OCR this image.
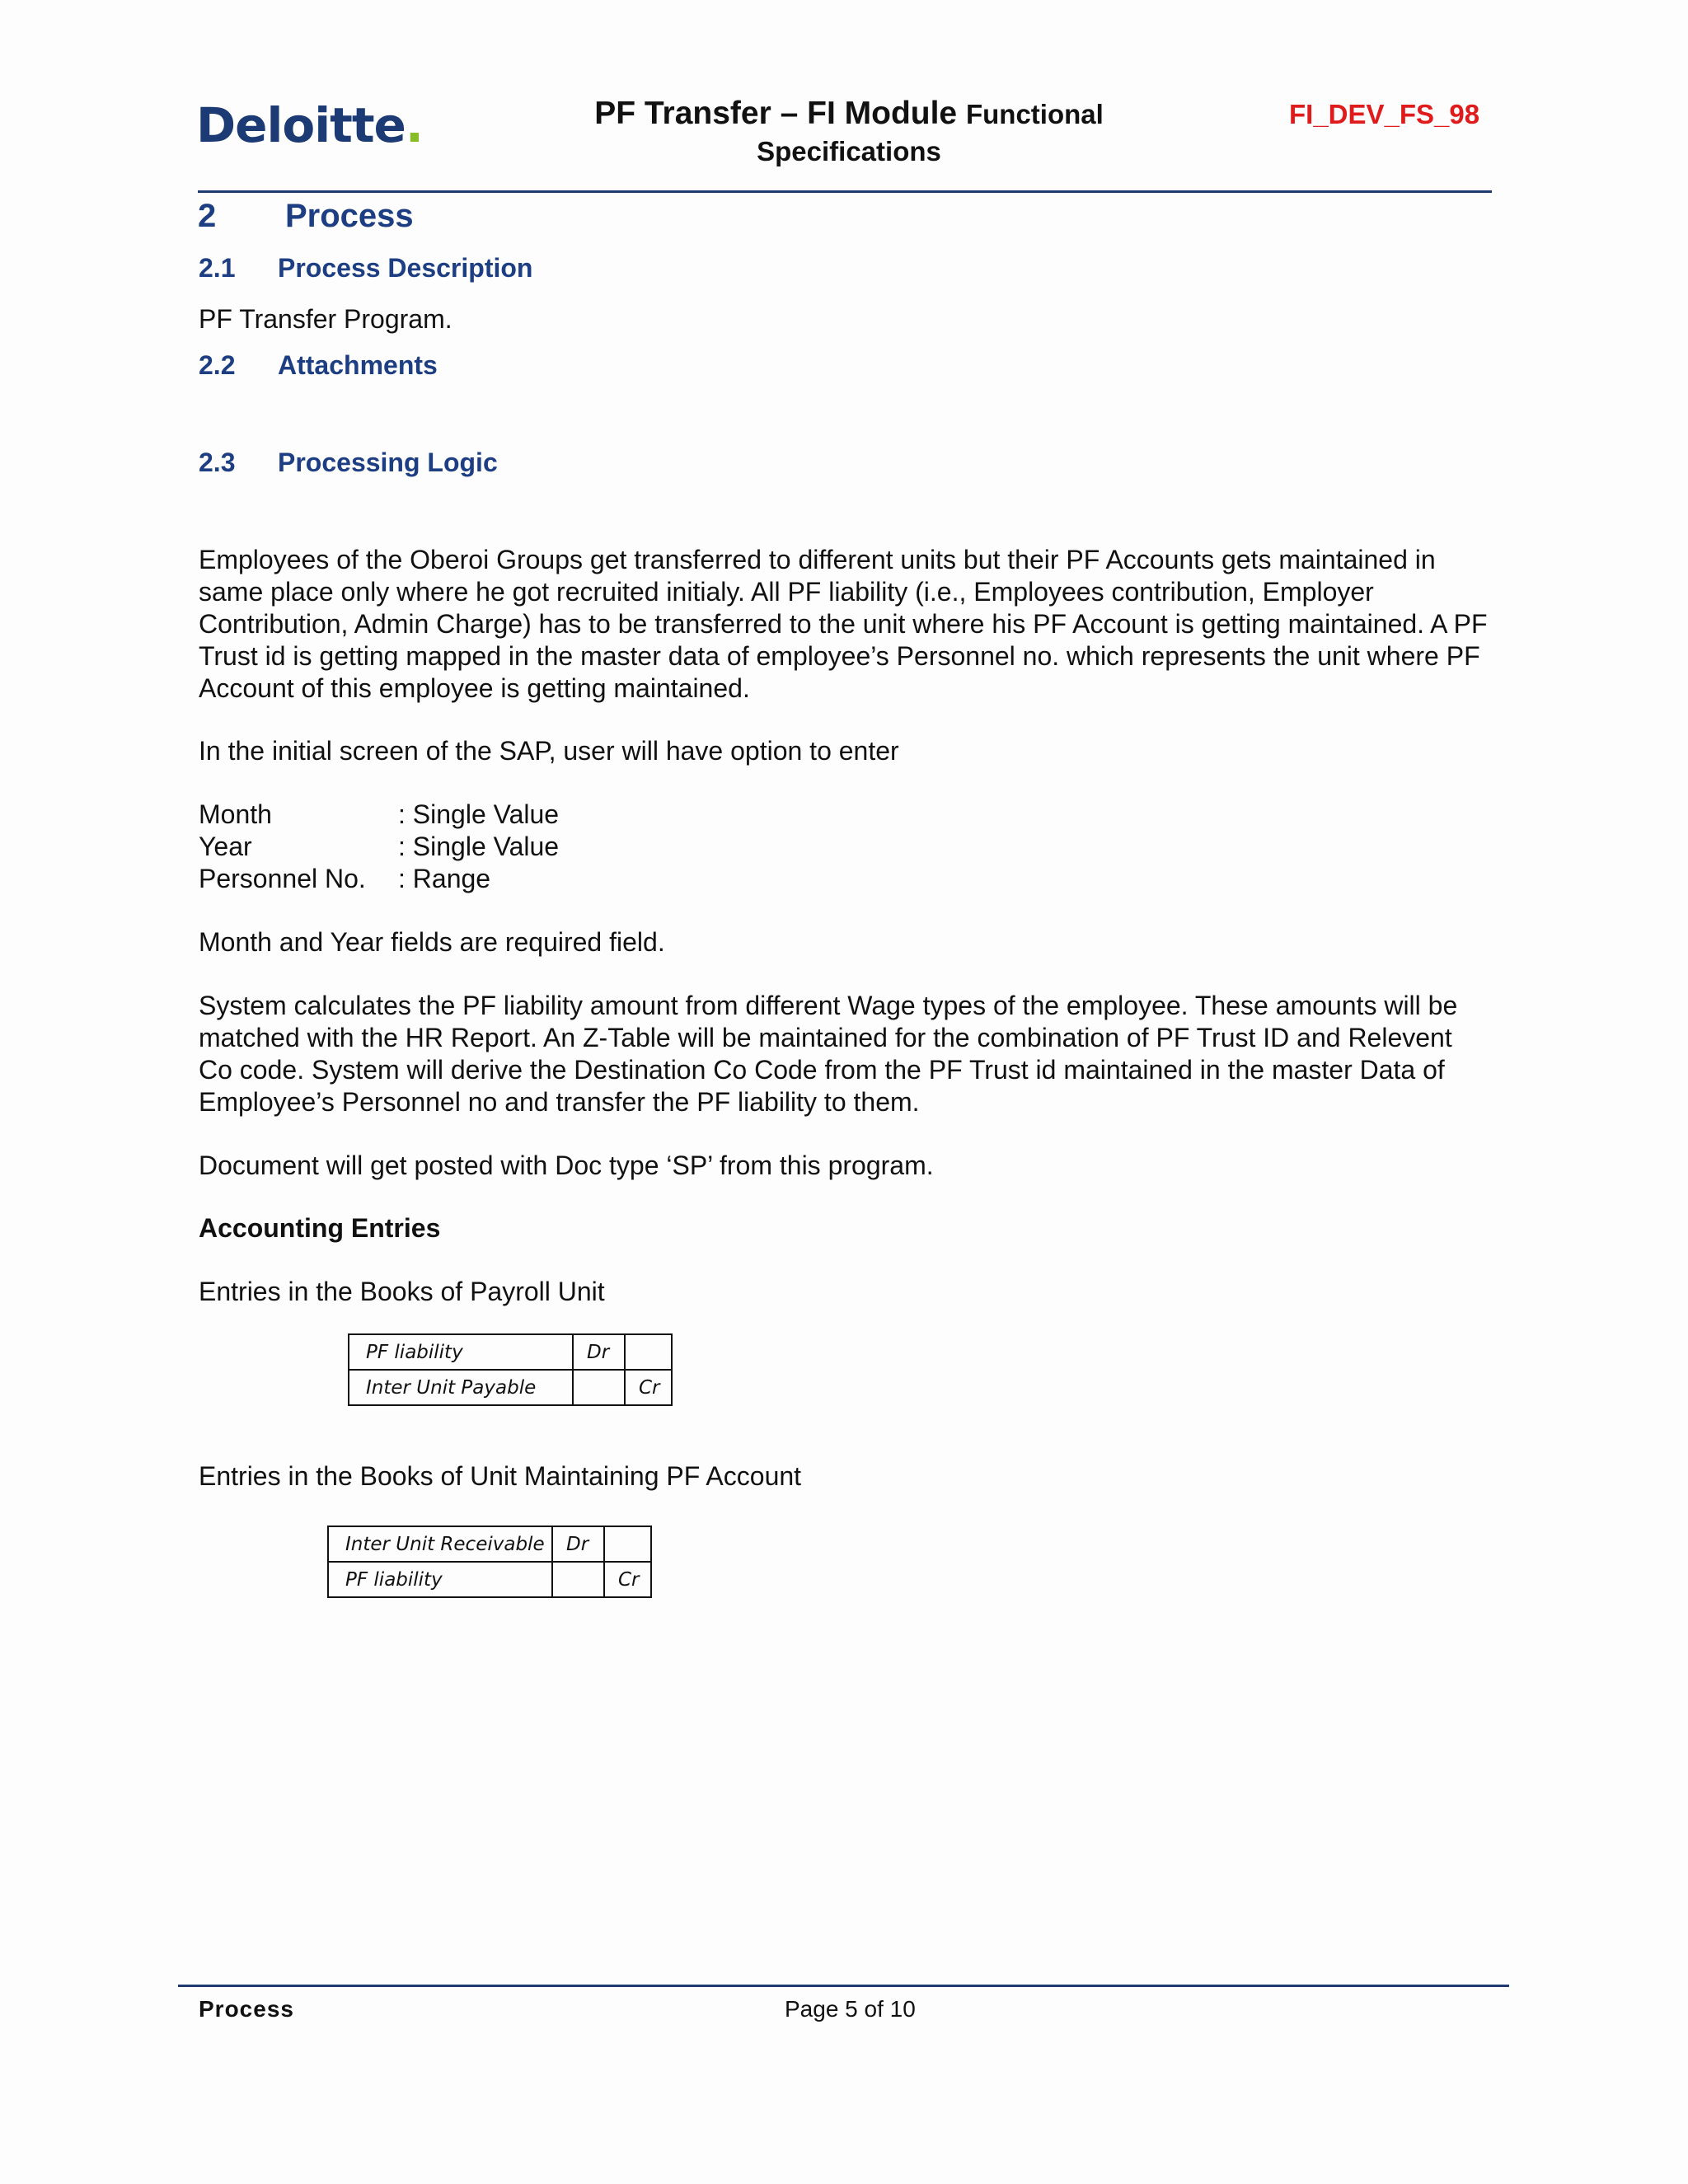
Deloitte.	PF Transfer – FI Module Functional
Specifications
FI_DEV_FS_98
2 Process
2.1 Process Description
PF Transfer Program.
2.2 Attachments
2.3 Processing Logic
Employees of the Oberoi Groups get transferred to different units but their PF Accounts gets maintained in same place only where he got recruited initialy. All PF liability (i.e., Employees contribution, Employer Contribution, Admin Charge) has to be transferred to the unit where his PF Account is getting maintained. A PF Trust id is getting mapped in the master data of employee’s Personnel no. which represents the unit where PF Account of this employee is getting maintained.
In the initial screen of the SAP, user will have option to enter
Month	: Single Value
Year	: Single Value
Personnel No. : Range
Month and Year fields are required field.
System calculates the PF liability amount from different Wage types of the employee. These amounts will be matched with the HR Report. An Z-Table will be maintained for the combination of PF Trust ID and Relevent Co code. System will derive the Destination Co Code from the PF Trust id maintained in the master Data of Employee’s Personnel no and transfer the PF liability to them.
Document will get posted with Doc type ‘SP’ from this program.
Accounting Entries
Entries in the Books of Payroll Unit
PF liability	Dr	
Inter Unit Payable		Cr
Entries in the Books of Unit Maintaining PF Account
Inter Unit Receivable	Dr	
PF liability		Cr
Process	Page 5 of 10
